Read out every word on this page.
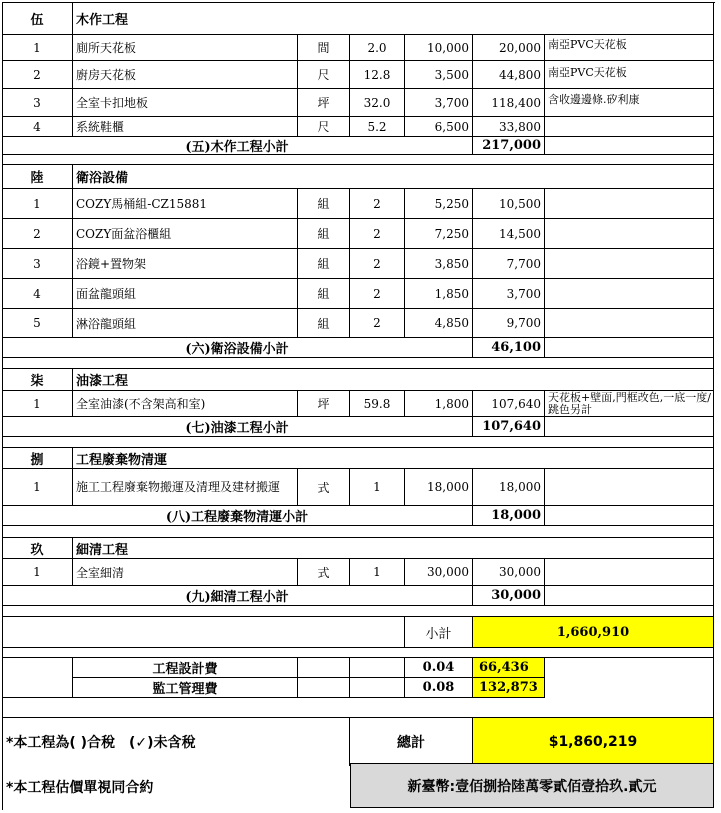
伍	木作工程
1	廁所天花板	間	2.0	10,000	20,000 南亞PVC天花板
2	廚房天花板	尺	12.8	3,500	44,800 南亞PVC天花板
3	全室卡扣地板	坪	32.0	3,700	118,400 含收邊邊條.矽利康
4	系統鞋櫃	尺	5.2	6,500	33,800
(五)木作工程小計	217,000
陸	衛浴設備
1	COZY馬桶組-CZ15881	組	2	5,250	10,500
2	COZY面盆浴櫃組	組	2	7,250	14,500
3	浴鏡+置物架	組	2	3,850	7,700
4	面盆龍頭組	組	2	1,850	3,700
5	淋浴龍頭組	組	2	4,850	9,700
(六)衛浴設備小計	46,100
柒	油漆工程
1	全室油漆(不含架高和室)	坪	59.8	1,800	107,640 天花板+壁面,門框改色,一底一度/跳色另計
(七)油漆工程小計	107,640
捌	工程廢棄物清運
1	施工工程廢棄物搬運及清理及建材搬運	式	1	18,000	18,000
(八)工程廢棄物清運小計	18,000
玖	細清工程
1	全室細清	式	1	30,000	30,000
(九)細清工程小計	30,000
小計	1,660,910
工程設計費	0.04	66,436
監工管理費	0.08	132,873
*本工程為( )合稅　(✓)未含稅	總計	$1,860,219
*本工程估價單視同合約	新臺幣:壹佰捌拾陸萬零貳佰壹拾玖.貳元
